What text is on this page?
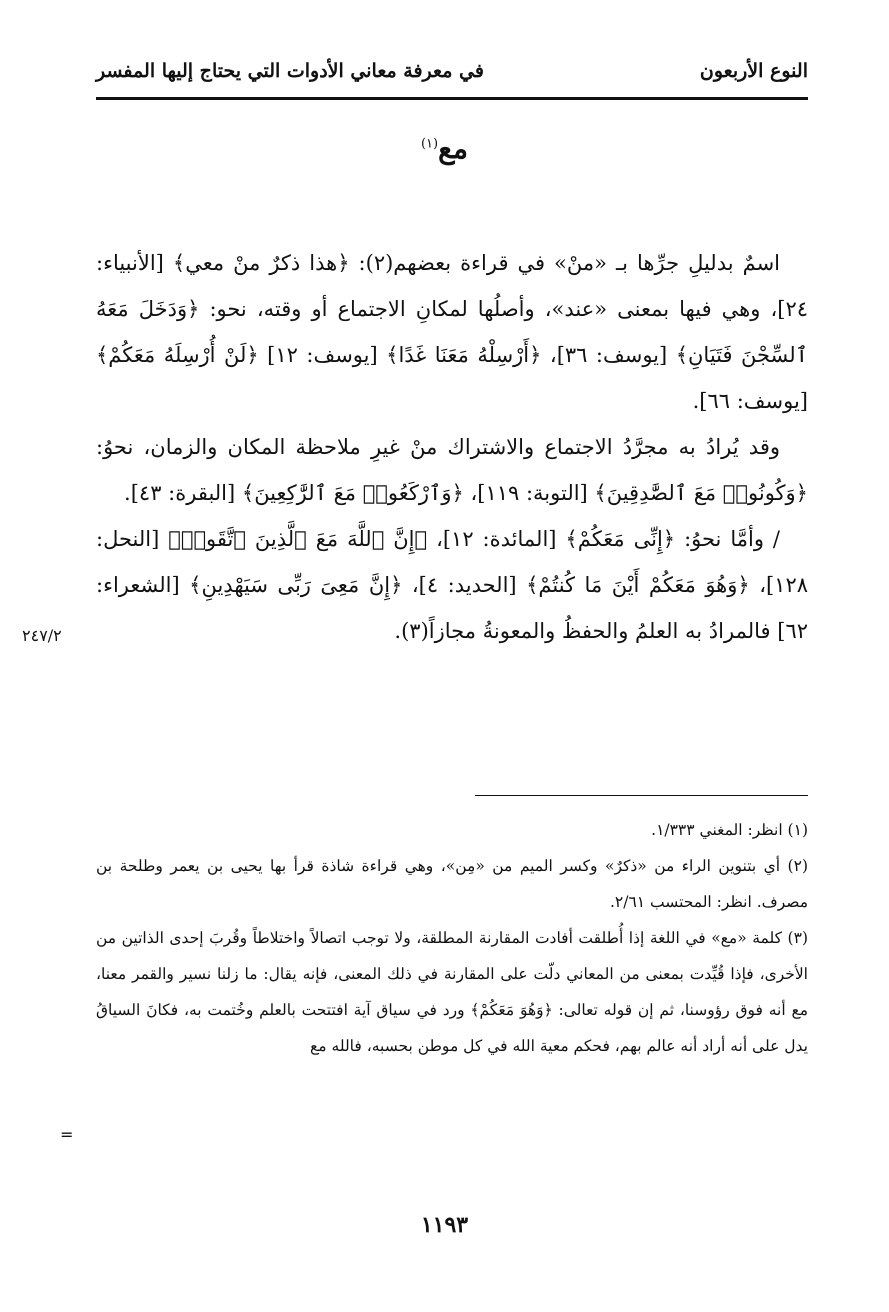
النوع الأربعون
في معرفة معاني الأدوات التي يحتاج إليها المفسر
مع$^{(١)}$

اسمٌ بدليلِ جرِّها بـ «منْ» في قراءة بعضهم(٢): ﴿هذا ذكرٌ منْ معي﴾ [الأنبياء: ٢٤]، وهي فيها بمعنى «عند»، وأصلُها لمكانِ الاجتماع أو وقته، نحو: ﴿وَدَخَلَ مَعَهُ ٱلسِّجْنَ فَتَيَانِ﴾ [يوسف: ٣٦]، ﴿أَرْسِلْهُ مَعَنَا غَدًا﴾ [يوسف: ١٢] ﴿لَنْ أُرْسِلَهُ مَعَكُمْ﴾ [يوسف: ٦٦].

وقد يُرادُ به مجرَّدُ الاجتماع والاشتراك منْ غيرِ ملاحظة المكان والزمان، نحوُ: ﴿وَكُونُوا۟ مَعَ ٱلصَّٰدِقِينَ﴾ [التوبة: ١١٩]، ﴿وَٱرْكَعُوا۟ مَعَ ٱلرَّٰكِعِينَ﴾ [البقرة: ٤٣].

/ وأمَّا نحوُ: ﴿إِنِّى مَعَكُمْ﴾ [المائدة: ١٢]، ﴿إِنَّ ٱللَّهَ مَعَ ٱلَّذِينَ ٱتَّقَوا۟﴾ [النحل: ١٢٨]، ﴿وَهُوَ مَعَكُمْ أَيْنَ مَا كُنتُمْ﴾ [الحديد: ٤]، ﴿إِنَّ مَعِىَ رَبِّى سَيَهْدِينِ﴾ [الشعراء: ٦٢] فالمرادُ به العلمُ والحفظُ والمعونةُ مجازاً(٣).

٢٤٧/٢

(١) انظر: المغني ١/٣٣٣.

(٢) أي بتنوين الراء من «ذكرٌ» وكسر الميم من «مِن»، وهي قراءة شاذة قرأ بها يحيى بن يعمر وطلحة بن مصرف. انظر: المحتسب ٢/٦١.

(٣) كلمة «مع» في اللغة إذا أُطلقت أفادت المقارنة المطلقة، ولا توجب اتصالاً واختلاطاً وقُربَ إحدى الذاتين من الأخرى، فإذا قُيِّدت بمعنى من المعاني دلّت على المقارنة في ذلك المعنى، فإنه يقال: ما زلنا نسير والقمر معنا، مع أنه فوق رؤوسنا، ثم إن قوله تعالى: ﴿وَهُوَ مَعَكُمْ﴾ ورد في سياق آية افتتحت بالعلم وخُتمت به، فكانَ السياقُ يدل على أنه أراد أنه عالم بهم، فحكم معية الله في كل موطن بحسبه، فالله مع

=
١١٩٣
